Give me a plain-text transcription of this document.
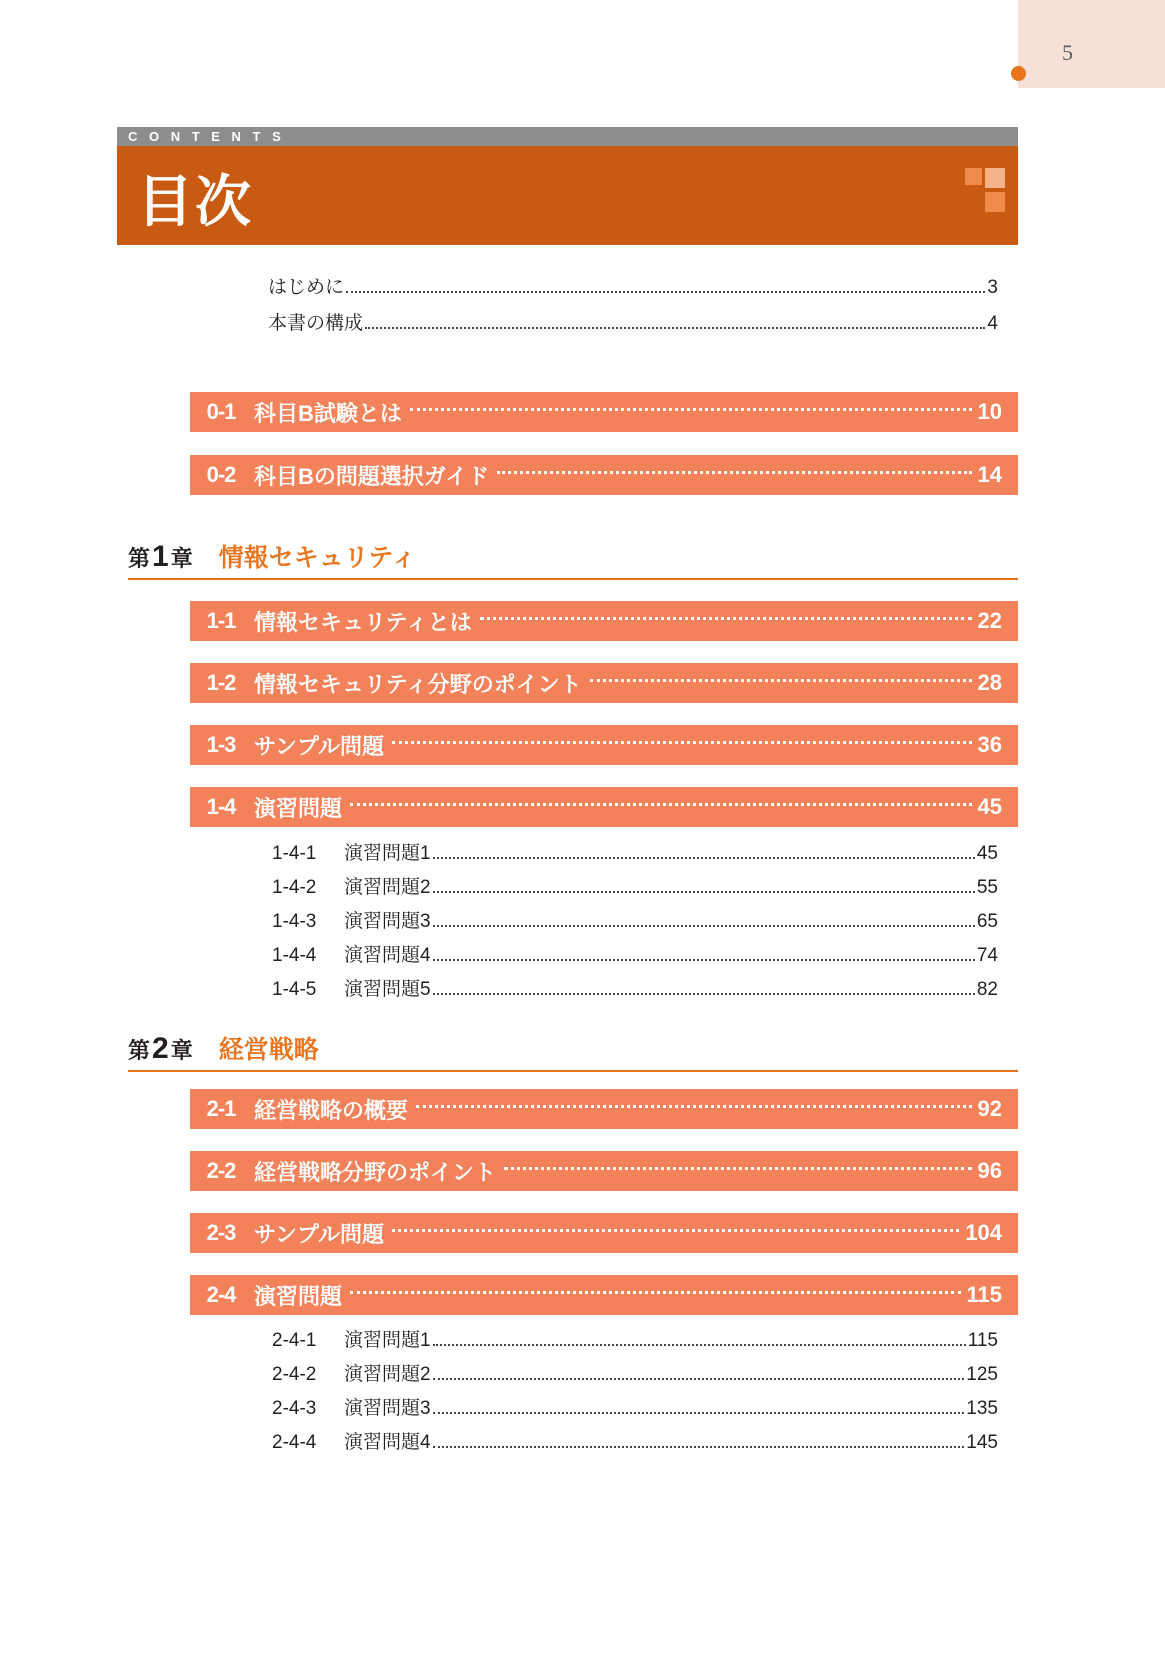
5
C O N T E N T S
目次
はじめに	3
本書の構成	4
0-1 科目B試験とは	10
0-2 科目Bの問題選択ガイド	14
第 1 章	情報セキュリティ
1-1 情報セキュリティとは	22
1-2 情報セキュリティ分野のポイント	28
1-3 サンプル問題	36
1-4 演習問題	45
1-4-1	演習問題1	45
1-4-2	演習問題2	55
1-4-3	演習問題3	65
1-4-4	演習問題4	74
1-4-5	演習問題5	82
第 2 章	経営戦略
2-1 経営戦略の概要	92
2-2 経営戦略分野のポイント	96
2-3 サンプル問題	104
2-4 演習問題	115
2-4-1	演習問題1	115
2-4-2	演習問題2	125
2-4-3	演習問題3	135
2-4-4	演習問題4	145
